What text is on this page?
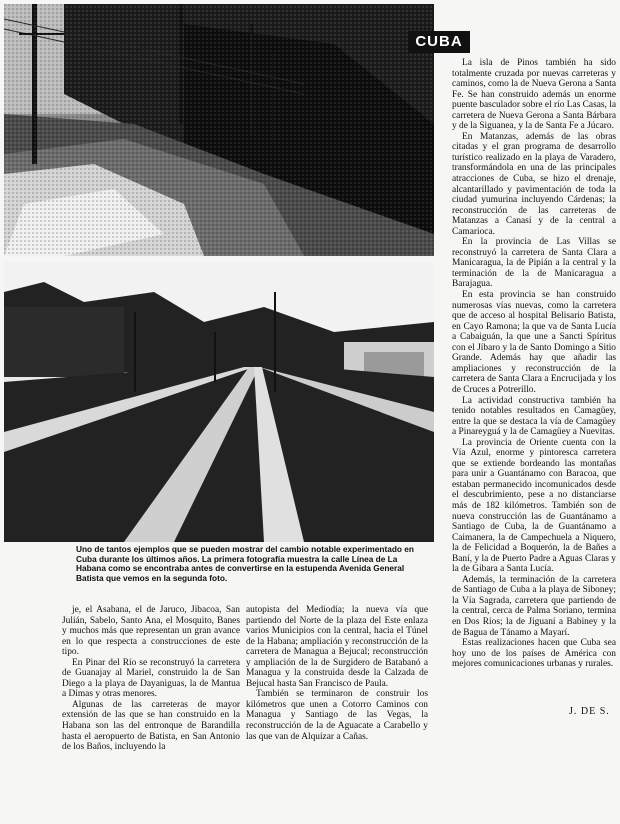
CUBA

Uno de tantos ejemplos que se pueden mostrar del cambio notable experimentado en Cuba durante los últimos años. La primera fotografía muestra la calle Línea de La Habana como se encontraba antes de convertirse en la estupenda Avenida General Batista que vemos en la segunda foto.

je, el Asabana, el de Jaruco, Jibacoa, San Julián, Sabelo, Santo Ana, el Mosquito, Banes y muchos más que representan un gran avance en lo que respecta a construcciones de este tipo.

En Pinar del Río se reconstruyó la carretera de Guanajay al Mariel, construido la de San Diego a la playa de Dayaniguas, la de Mantua a Dimas y otras menores.

Algunas de las carreteras de mayor extensión de las que se han construido en la Habana son las del entronque de Barandilla hasta el aeropuerto de Batista, en San Antonio de los Baños, incluyendo la

autopista del Mediodía; la nueva vía que partiendo del Norte de la plaza del Este enlaza varios Municipios con la central, hacia el Túnel de la Habana; ampliación y reconstrucción de la carretera de Managua a Bejucal; reconstrucción y ampliación de la de Surgidero de Batabanó a Managua y la construida desde la Calzada de Bejucal hasta San Francisco de Paula.

También se terminaron de construir los kilómetros que unen a Cotorro Caminos con Managua y Santiago de las Vegas, la reconstrucción de la de Aguacate a Carabello y las que van de Alquízar a Cañas.

La isla de Pinos también ha sido totalmente cruzada por nuevas carreteras y caminos, como la de Nueva Gerona a Santa Fe. Se han construido además un enorme puente basculador sobre el río Las Casas, la carretera de Nueva Gerona a Santa Bárbara y de la Siguanea, y la de Santa Fe a Júcaro.

En Matanzas, además de las obras citadas y el gran programa de desarrollo turístico realizado en la playa de Varadero, transformándola en una de las principales atracciones de Cuba, se hizo el drenaje, alcantarillado y pavimentación de toda la ciudad yumurina incluyendo Cárdenas; la reconstrucción de las carreteras de Matanzas a Canasí y de la central a Camarioca.

En la provincia de Las Villas se reconstruyó la carretera de Santa Clara a Manicaragua, la de Pipián a la central y la terminación de la de Manicaragua a Barajagua.

En esta provincia se han construido numerosas vías nuevas, como la carretera que de acceso al hospital Belisario Batista, en Cayo Ramona; la que va de Santa Lucía a Cabaiguán, la que une a Sancti Spíritus con el Jíbaro y la de Santo Domingo a Sitio Grande. Además hay que añadir las ampliaciones y reconstrucción de la carretera de Santa Clara a Encrucijada y los de Cruces a Potrerillo.

La actividad constructiva también ha tenido notables resultados en Camagüey, entre la que se destaca la vía de Camagüey a Pinareyguá y la de Camagüey a Nuevitas.

La provincia de Oriente cuenta con la Vía Azul, enorme y pintoresca carretera que se extiende bordeando las montañas para unir a Guantánamo con Baracoa, que estaban permanecido incomunicados desde el descubrimiento, pese a no distanciarse más de 182 kilómetros. También son de nueva construcción las de Guantánamo a Santiago de Cuba, la de Guantánamo a Caimanera, la de Campechuela a Niquero, la de Felicidad a Boquerón, la de Bañes a Baní, y la de Puerto Padre a Aguas Claras y la de Gibara a Santa Lucía.

Además, la terminación de la carretera de Santiago de Cuba a la playa de Siboney; la Vía Sagrada, carretera que partiendo de la central, cerca de Palma Soriano, termina en Dos Ríos; la de Jiguaní a Babiney y la de Bagua de Tánamo a Mayarí.

Estas realizaciones hacen que Cuba sea hoy uno de los países de América con mejores comunicaciones urbanas y rurales.

J. DE S.
